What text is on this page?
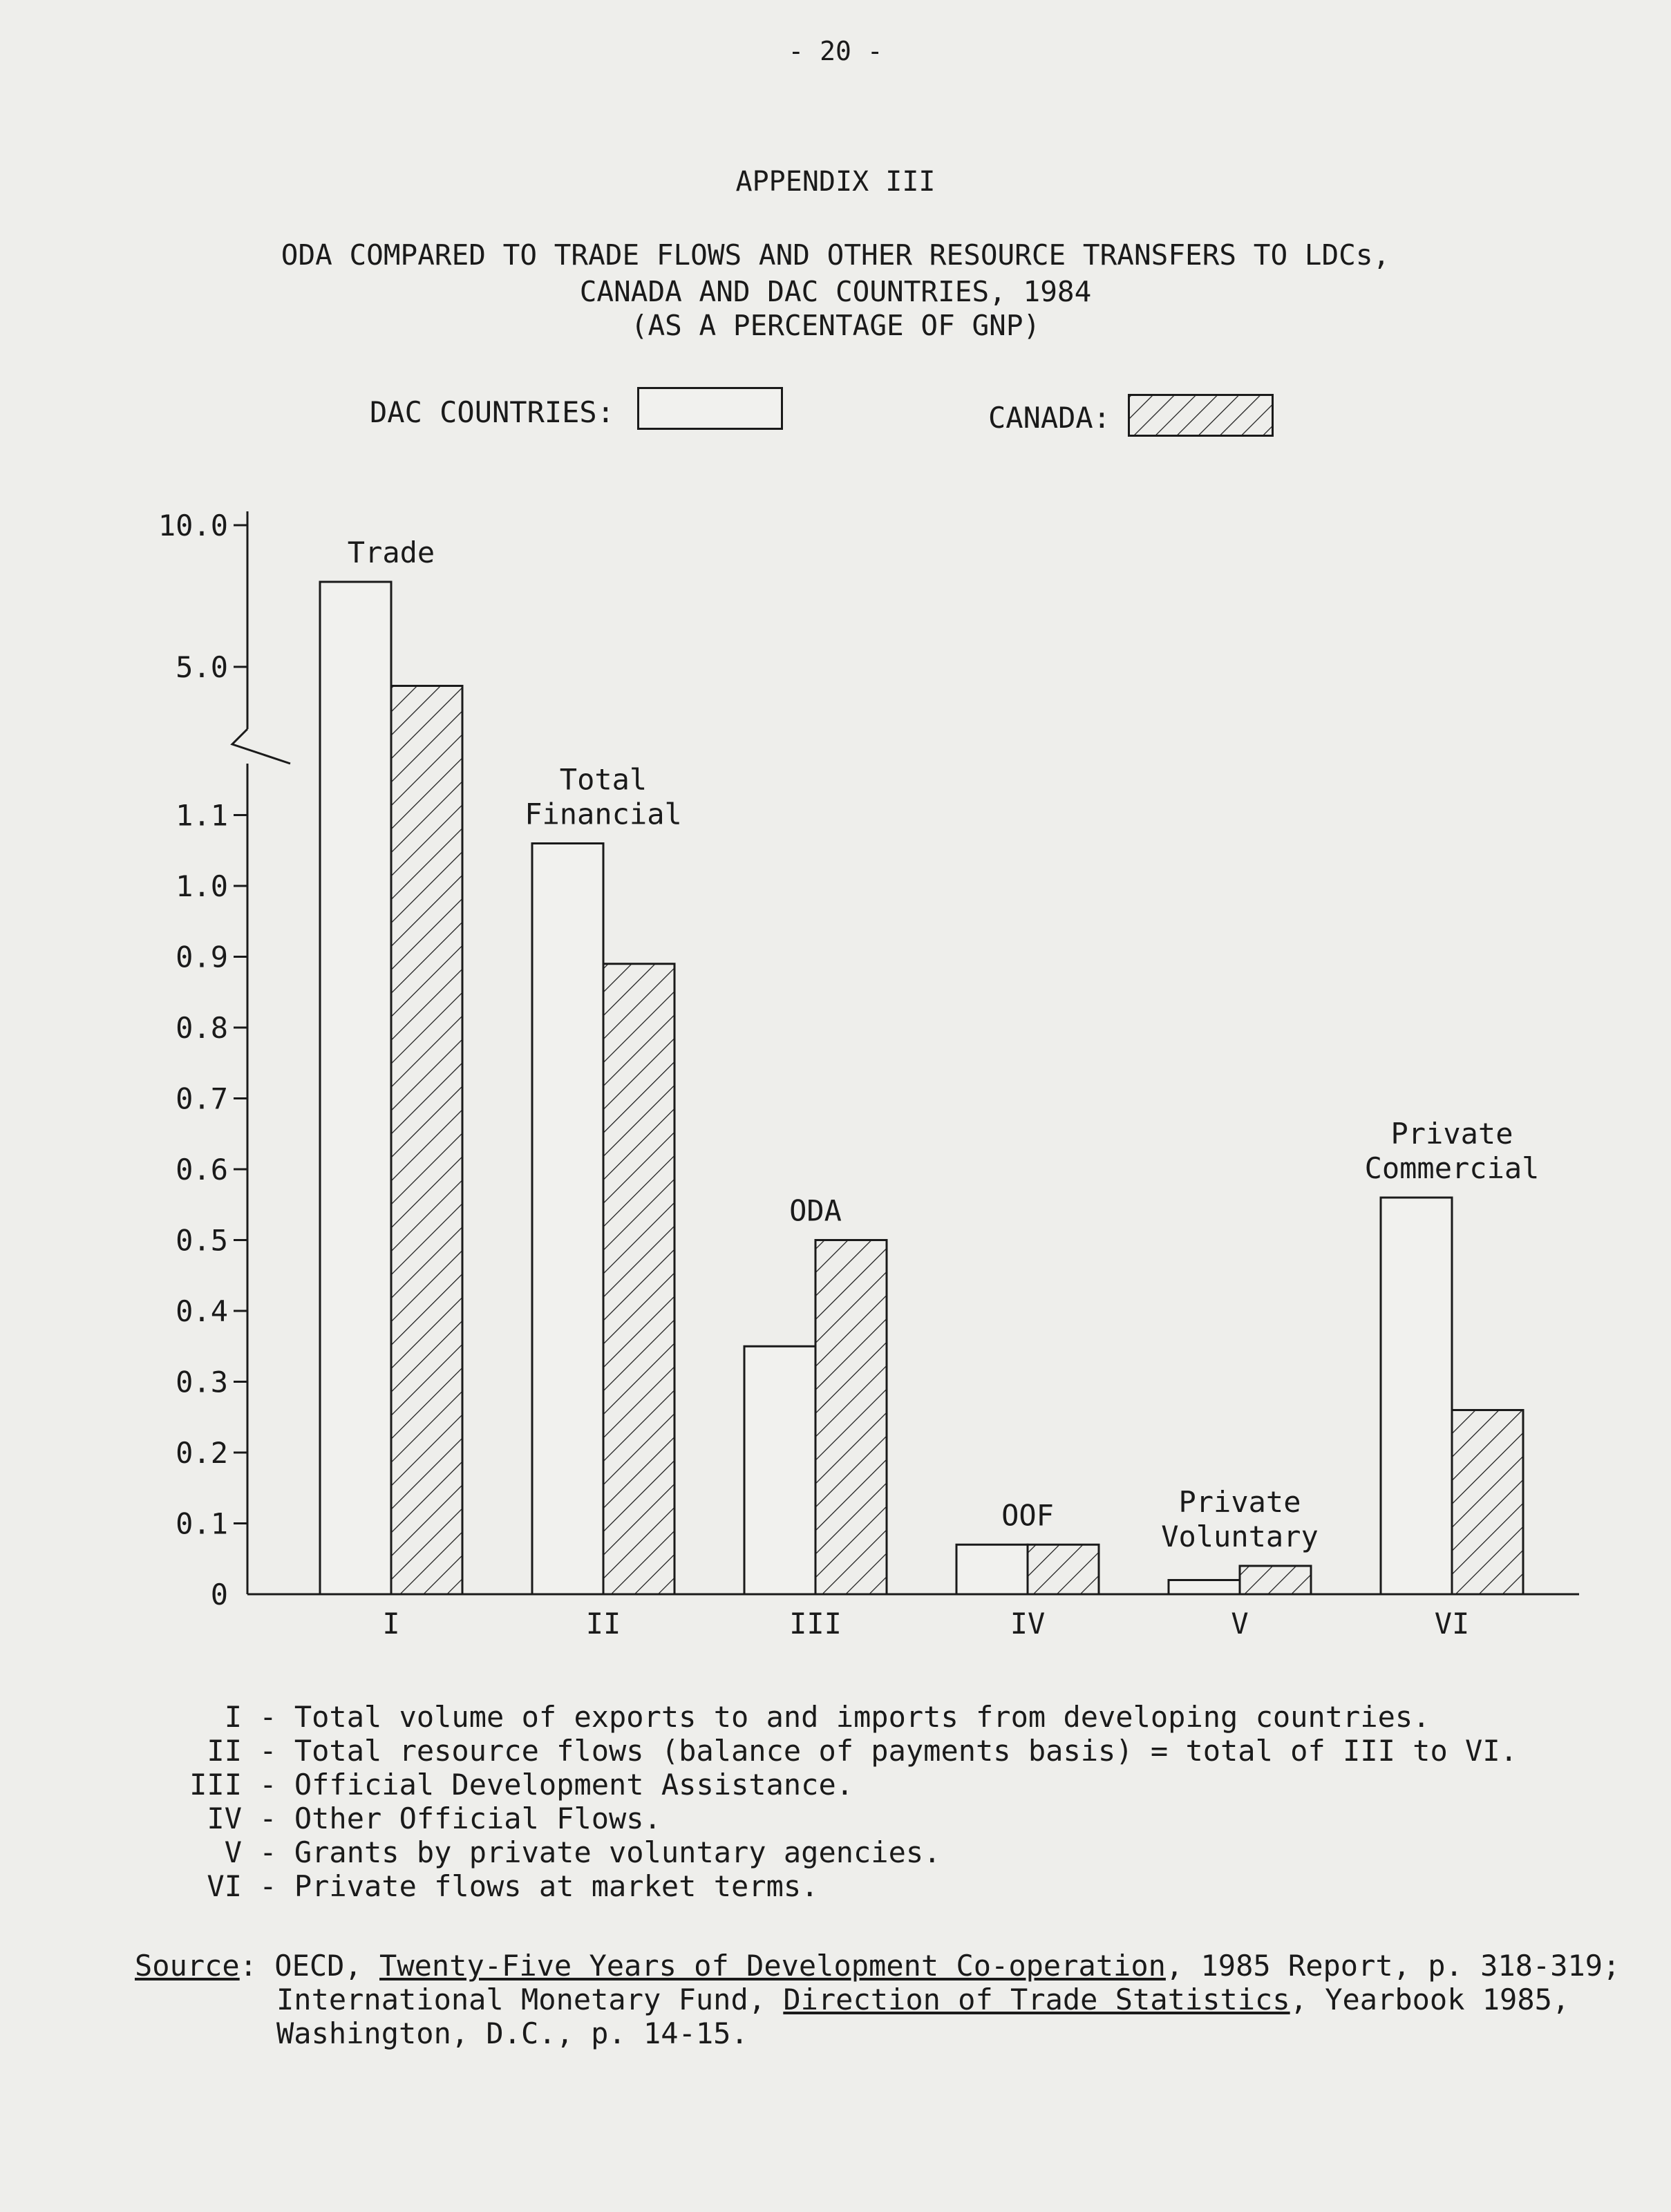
- 20 -
APPENDIX III
ODA COMPARED TO TRADE FLOWS AND OTHER RESOURCE TRANSFERS TO LDCs,
CANADA AND DAC COUNTRIES, 1984
(AS A PERCENTAGE OF GNP)
DAC COUNTRIES:	CANADA:
0
0.1
0.2
0.3
0.4
0.5
0.6
0.7
0.8
0.9
1.0
1.1
5.0
10.0
I
Trade
II
Total
Financial
III
ODA
IV
OOF
V
Private
Voluntary
VI
Private
Commercial
I - Total volume of exports to and imports from developing countries.
II - Total resource flows (balance of payments basis) = total of III to VI.
III - Official Development Assistance.
IV - Other Official Flows.
V - Grants by private voluntary agencies.
VI - Private flows at market terms.
Source: OECD, Twenty-Five Years of Development Co-operation, 1985 Report, p. 318-319;
International Monetary Fund, Direction of Trade Statistics, Yearbook 1985,
Washington, D.C., p. 14-15.
